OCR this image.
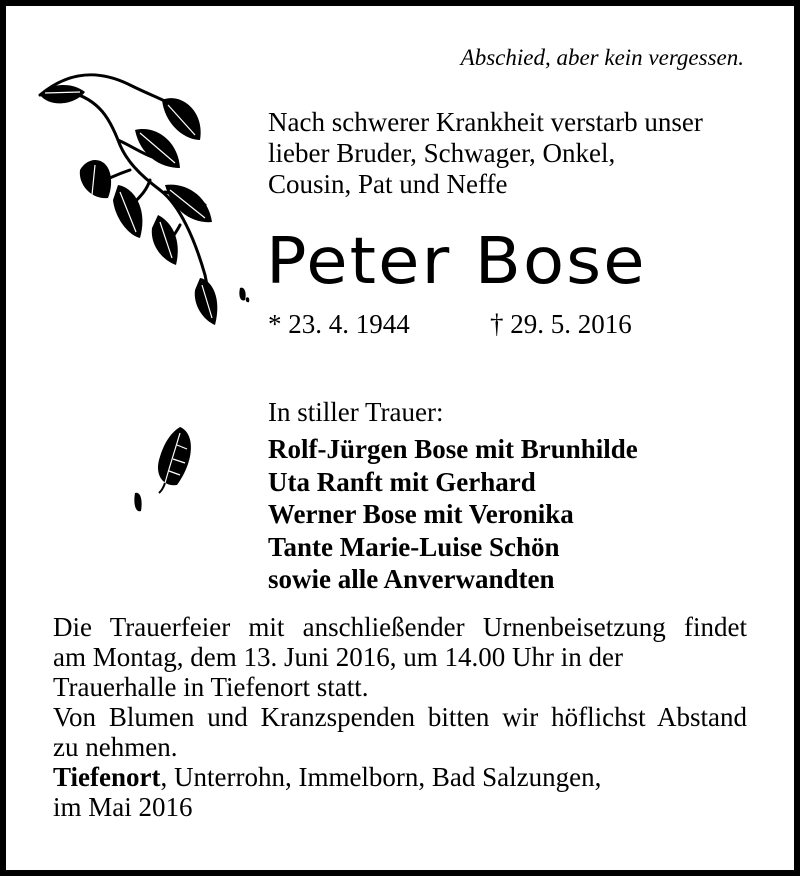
Abschied, aber kein vergessen.
Nach schwerer Krankheit verstarb unser
lieber Bruder, Schwager, Onkel,
Cousin, Pat und Neffe
Peter Bose
* 23. 4. 1944	† 29. 5. 2016
In stiller Trauer:
Rolf-Jürgen Bose mit Brunhilde
Uta Ranft mit Gerhard
Werner Bose mit Veronika
Tante Marie-Luise Schön
sowie alle Anverwandten
Die Trauerfeier mit anschließender Urnenbeisetzung findet
am Montag, dem 13. Juni 2016, um 14.00 Uhr in der
Trauerhalle in Tiefenort statt.
Von Blumen und Kranzspenden bitten wir höflichst Abstand
zu nehmen.
Tiefenort, Unterrohn, Immelborn, Bad Salzungen,
im Mai 2016
